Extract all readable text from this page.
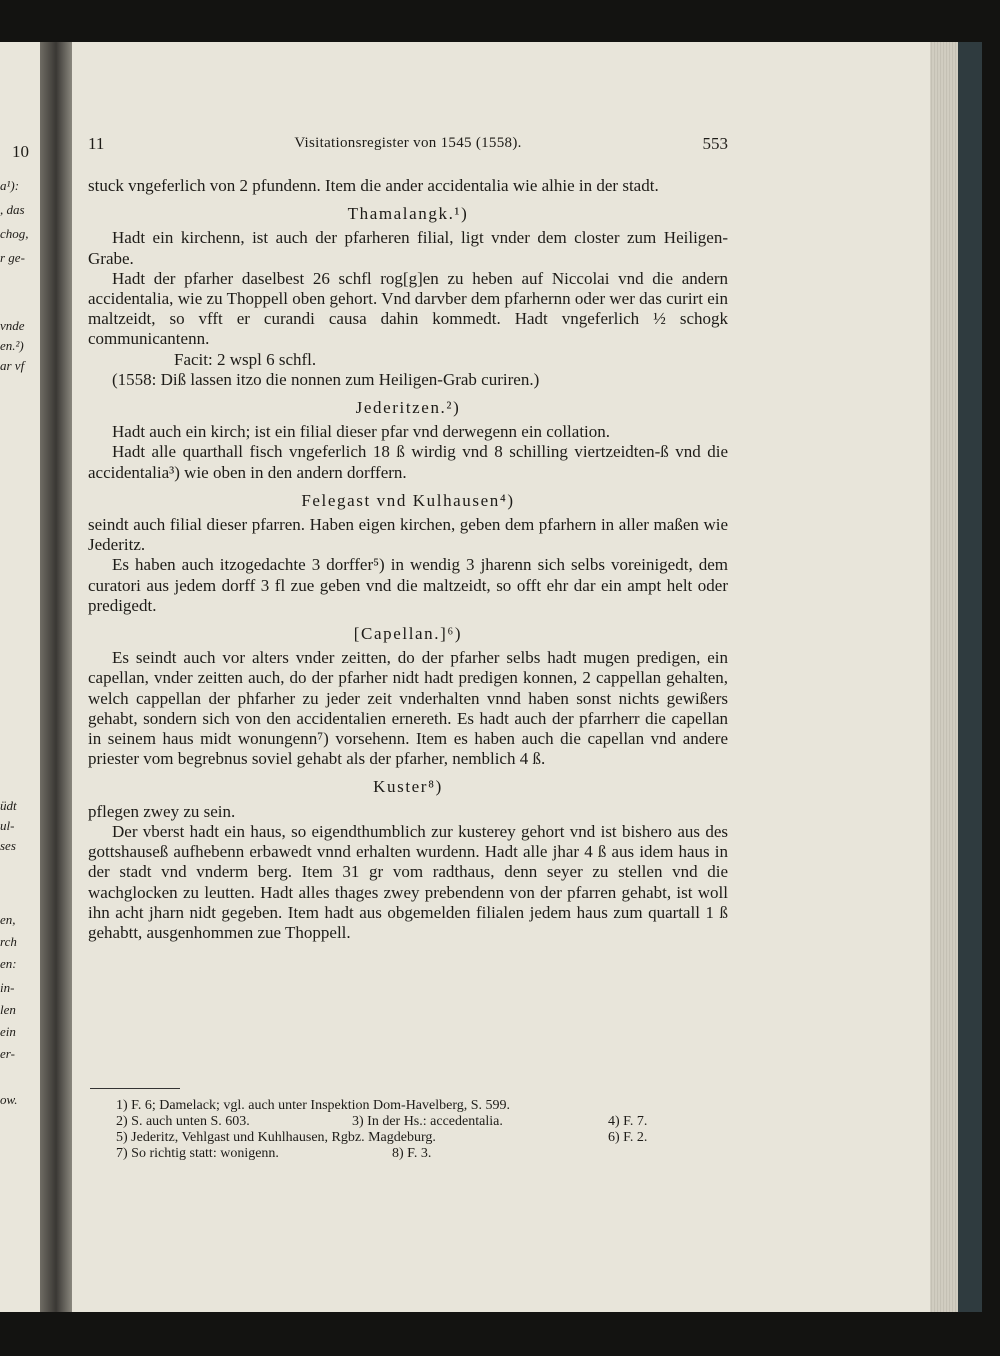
10
a¹):
, das
chog,
r ge-
vnde
en.²)
ar vf
üdt
ul-
ses
en,
rch
en:
in-
len
ein
er-
ow.
11	Visitationsregister von 1545 (1558).	553

stuck vngeferlich von 2 pfundenn. Item die ander accidentalia wie alhie in der stadt.

Thamalangk.¹)

Hadt ein kirchenn, ist auch der pfarheren filial, ligt vnder dem closter zum Heiligen-Grabe.

Hadt der pfarher daselbest 26 schfl rog[g]en zu heben auf Niccolai vnd die andern accidentalia, wie zu Thoppell oben gehort. Vnd darvber dem pfarhernn oder wer das curirt ein maltzeidt, so vfft er curandi causa dahin kommedt. Hadt vngeferlich ½ schogk communicantenn.

Facit: 2 wspl 6 schfl.

(1558: Diß lassen itzo die nonnen zum Heiligen-Grab curiren.)

Jederitzen.²)

Hadt auch ein kirch; ist ein filial dieser pfar vnd derwegenn ein collation.

Hadt alle quarthall fisch vngeferlich 18 ß wirdig vnd 8 schilling viertzeidten-ß vnd die accidentalia³) wie oben in den andern dorffern.

Felegast vnd Kulhausen⁴)

seindt auch filial dieser pfarren. Haben eigen kirchen, geben dem pfarhern in aller maßen wie Jederitz.

Es haben auch itzogedachte 3 dorffer⁵) in wendig 3 jharenn sich selbs voreinigedt, dem curatori aus jedem dorff 3 fl zue geben vnd die maltzeidt, so offt ehr dar ein ampt helt oder predigedt.

[Capellan.]⁶)

Es seindt auch vor alters vnder zeitten, do der pfarher selbs hadt mugen predigen, ein capellan, vnder zeitten auch, do der pfarher nidt hadt predigen konnen, 2 cappellan gehalten, welch cappellan der phfarher zu jeder zeit vnderhalten vnnd haben sonst nichts gewißers gehabt, sondern sich von den accidentalien ernereth. Es hadt auch der pfarrherr die capellan in seinem haus midt wonungenn⁷) vorsehenn. Item es haben auch die capellan vnd andere priester vom begrebnus soviel gehabt als der pfarher, nemblich 4 ß.

Kuster⁸)

pflegen zwey zu sein.

Der vberst hadt ein haus, so eigendthumblich zur kusterey gehort vnd ist bishero aus des gottshauseß aufhebenn erbawedt vnnd erhalten wurdenn. Hadt alle jhar 4 ß aus idem haus in der stadt vnd vnderm berg. Item 31 gr vom radthaus, denn seyer zu stellen vnd die wachglocken zu leutten. Hadt alles thages zwey prebendenn von der pfarren gehabt, ist woll ihn acht jharn nidt gegeben. Item hadt aus obgemelden filialen jedem haus zum quartall 1 ß gehabtt, ausgenhommen zue Thoppell.

1) F. 6; Damelack; vgl. auch unter Inspektion Dom-Havelberg, S. 599.
2) S. auch unten S. 603.	3) In der Hs.: accedentalia.	4) F. 7.
5) Jederitz, Vehlgast und Kuhlhausen, Rgbz. Magdeburg.	6) F. 2.
7) So richtig statt: wonigenn.	8) F. 3.
